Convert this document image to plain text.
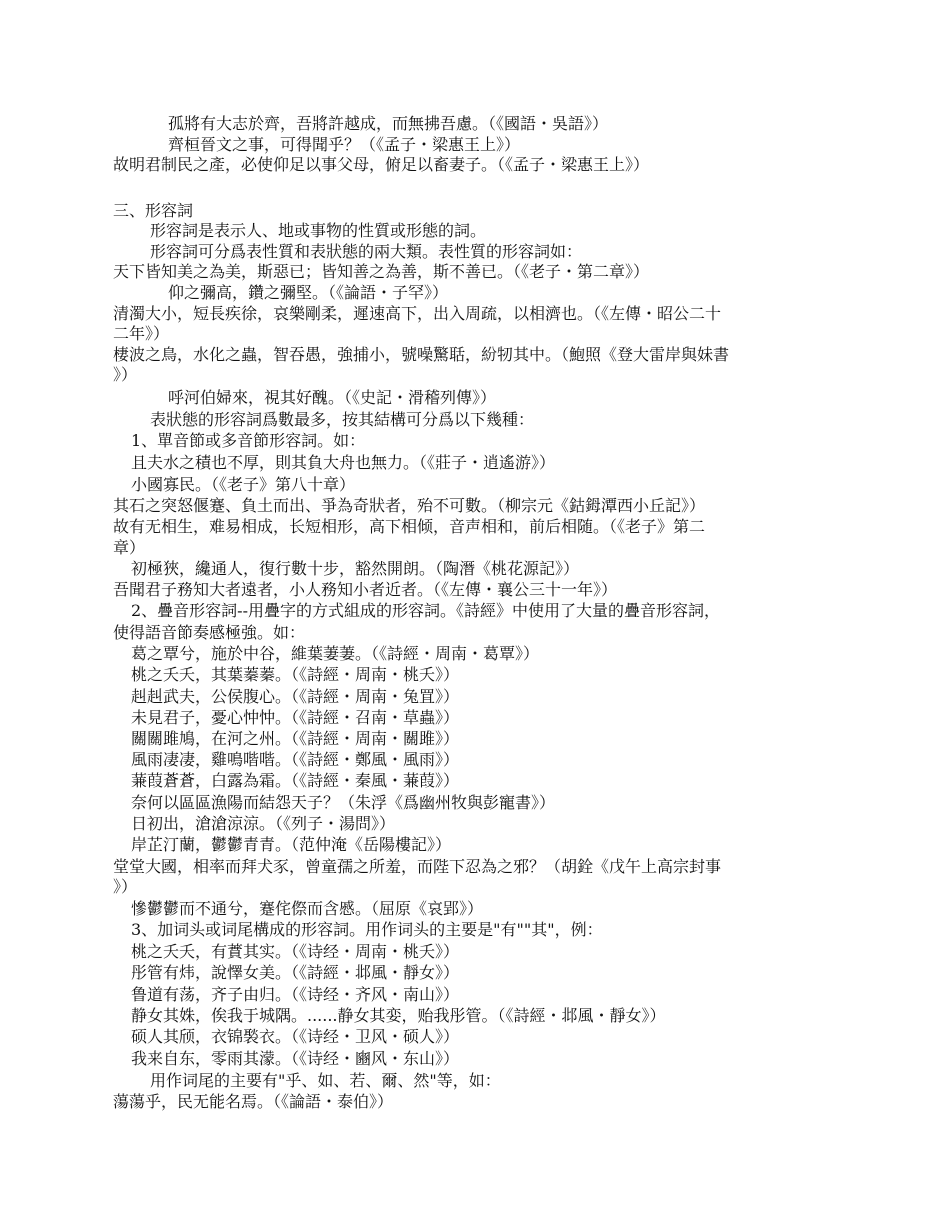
孤將有大志於齊，吾將許越成，而無拂吾慮。（《國語・吳語》）
齊桓晉文之事，可得聞乎？（《孟子・梁惠王上》）
故明君制民之產，必使仰足以事父母，俯足以畜妻子。（《孟子・梁惠王上》）
三、形容詞
形容詞是表示人、地或事物的性質或形態的詞。
形容詞可分爲表性質和表狀態的兩大類。表性質的形容詞如：
天下皆知美之為美，斯惡已；皆知善之為善，斯不善已。（《老子・第二章》）
仰之彌高，鑽之彌堅。（《論語・子罕》）
清濁大小，短長疾徐，哀樂剛柔，遲速高下，出入周疏，以相濟也。（《左傳・昭公二十
二年》）
棲波之鳥，水化之蟲，智吞愚，強捕小，號噪驚聒，紛牣其中。（鮑照《登大雷岸與妹書
》）
呼河伯婦來，視其好醜。（《史記・滑稽列傳》）
表狀態的形容詞爲數最多，按其結構可分爲以下幾種：
1、單音節或多音節形容詞。如：
且夫水之積也不厚，則其負大舟也無力。（《莊子・逍遙游》）
小國寡民。（《老子》第八十章）
其石之突怒偃蹇、負土而出、爭為奇狀者，殆不可數。（柳宗元《鈷鉧潭西小丘記》）
故有无相生，难易相成，长短相形，高下相倾，音声相和，前后相随。（《老子》第二
章）
初極狹，纔通人，復行數十步，豁然開朗。（陶潛《桃花源記》）
吾聞君子務知大者遠者，小人務知小者近者。（《左傳・襄公三十一年》）
2、疊音形容詞--用疊字的方式組成的形容詞。《詩經》中使用了大量的疊音形容詞，
使得語音節奏感極強。如：
葛之覃兮，施於中谷，維葉萋萋。（《詩經・周南・葛覃》）
桃之夭夭，其葉蓁蓁。（《詩經・周南・桃夭》）
赳赳武夫，公侯腹心。（《詩經・周南・兔罝》）
未見君子，憂心忡忡。（《詩經・召南・草蟲》）
關關雎鳩，在河之州。（《詩經・周南・關雎》）
風雨凄凄，雞鳴喈喈。（《詩經・鄭風・風雨》）
蒹葭蒼蒼，白露為霜。（《詩經・秦風・蒹葭》）
奈何以區區漁陽而結怨天子？（朱浮《爲幽州牧與彭寵書》）
日初出，滄滄涼涼。（《列子・湯問》）
岸芷汀蘭，鬱鬱青青。（范仲淹《岳陽樓記》）
堂堂大國，相率而拜犬豕，曾童孺之所羞，而陛下忍為之邪？（胡銓《戊午上高宗封事
》）
慘鬱鬱而不通兮，蹇侘傺而含慼。（屈原《哀郢》）
3、加词头或词尾構成的形容詞。用作词头的主要是"有""其"，例：
桃之夭夭，有蕡其实。（《诗经・周南・桃夭》）
彤管有炜，說懌女美。（《詩經・邶風・靜女》）
鲁道有荡，齐子由归。（《诗经・齐风・南山》）
静女其姝，俟我于城隅。......静女其娈，贻我彤管。（《詩經・邶風・靜女》）
硕人其颀，衣锦褧衣。（《诗经・卫风・硕人》）
我来自东，零雨其濛。（《诗经・豳风・东山》）
用作词尾的主要有"乎、如、若、爾、然"等，如：
蕩蕩乎，民无能名焉。（《論語・泰伯》）
